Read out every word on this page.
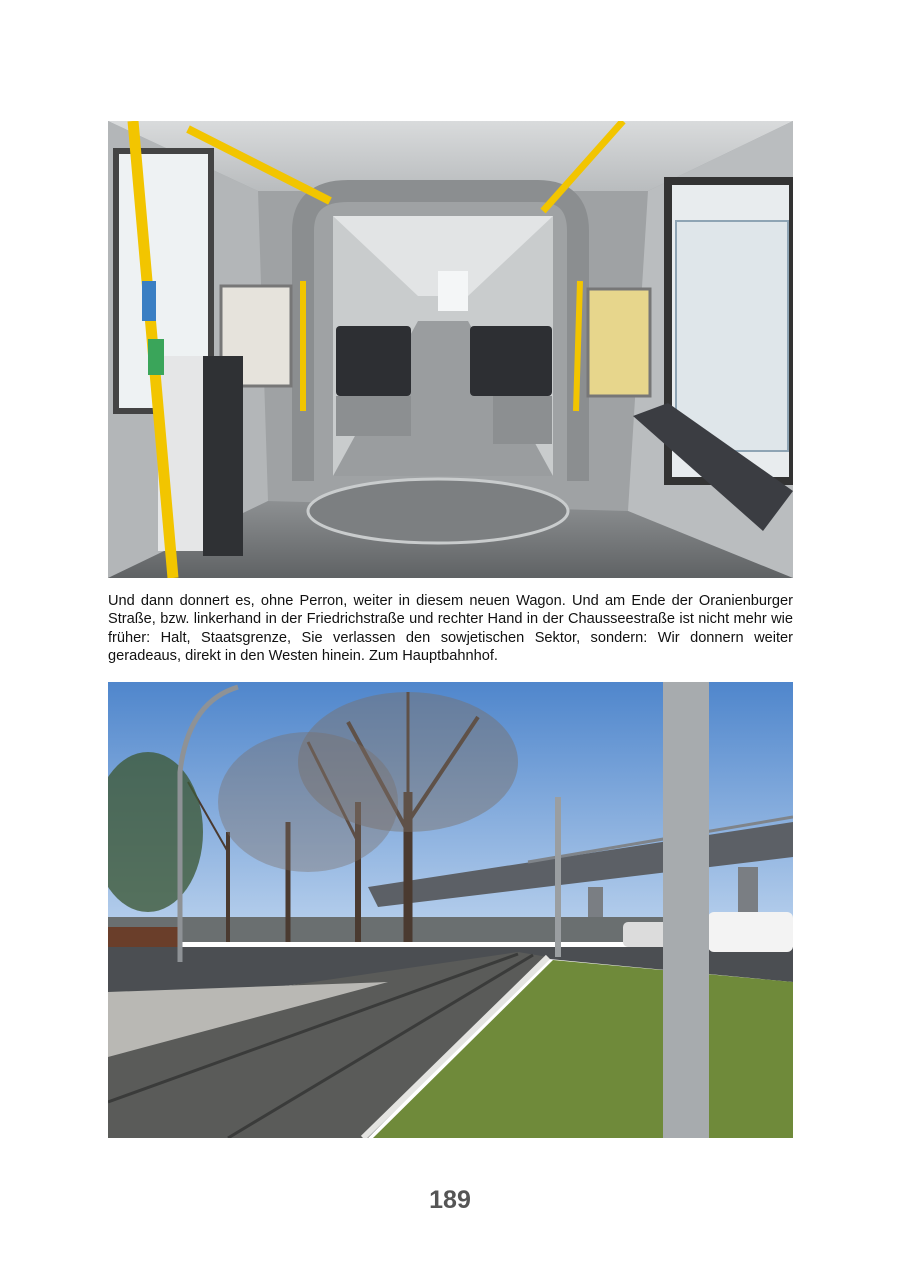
Und dann donnert es, ohne Perron, weiter in diesem neuen Wagon. Und am Ende der Oranienburger Straße, bzw. linkerhand in der Friedrichstraße und rechter Hand in der Chausseestraße ist nicht mehr wie früher: Halt, Staatsgrenze, Sie verlassen den sowjetischen Sektor, sondern: Wir donnern weiter geradeaus, direkt in den Westen hinein. Zum Hauptbahnhof.

189
